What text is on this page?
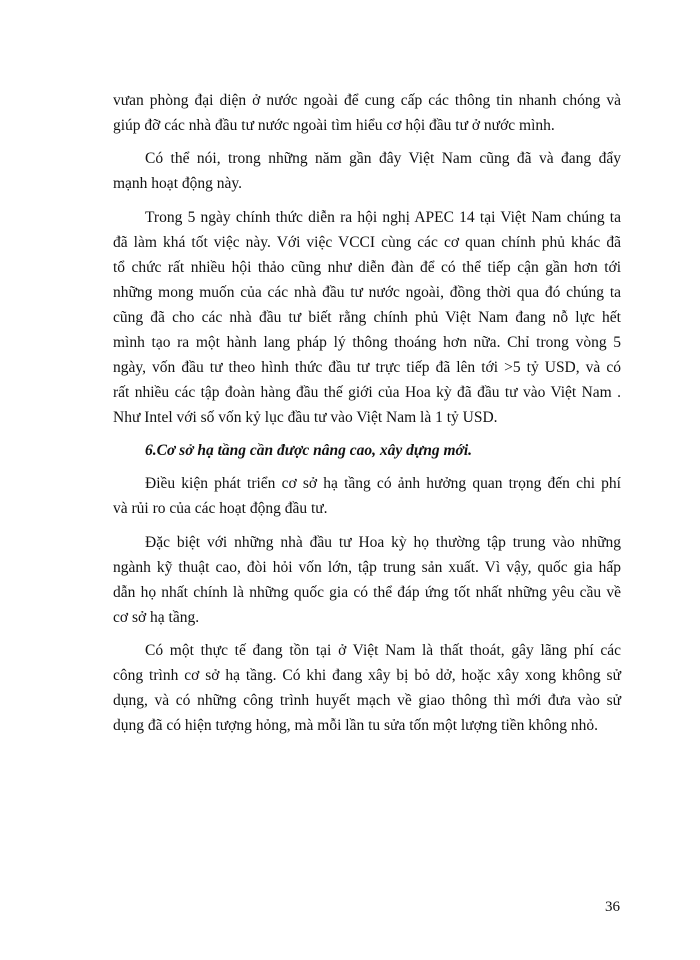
vưan phòng đại diện ở nước ngoài để cung cấp các thông tin nhanh chóng và
giúp đỡ các nhà đầu tư nước ngoài tìm hiểu cơ hội đầu tư ở nước mình.
Có thể nói, trong những năm gần đây Việt Nam cũng đã và đang đẩy
mạnh hoạt động này.
Trong 5 ngày chính thức diễn ra hội nghị APEC 14 tại Việt Nam chúng ta
đã làm khá tốt việc này. Với việc VCCI cùng các cơ quan chính phủ khác đã
tổ chức rất nhiều hội thảo cũng như diễn đàn để có thể tiếp cận gần hơn tới
những mong muốn của các nhà đầu tư nước ngoài, đồng thời qua đó chúng ta
cũng đã cho các nhà đầu tư biết rằng chính phủ Việt Nam đang nỗ lực hết
mình tạo ra một hành lang pháp lý thông thoáng hơn nữa. Chỉ trong vòng 5
ngày, vốn đầu tư theo hình thức đầu tư trực tiếp đã lên tới >5 tỷ USD, và có
rất nhiều các tập đoàn hàng đầu thế giới của Hoa kỳ đã đầu tư vào Việt Nam .
Như Intel với số vốn kỷ lục đầu tư vào Việt Nam là 1 tỷ USD.
6.Cơ sở hạ tầng cần được nâng cao, xây dựng mới.
Điều kiện phát triển cơ sở hạ tầng có ảnh hưởng quan trọng đến chi phí
và rủi ro của các hoạt động đầu tư.
Đặc biệt với những nhà đầu tư Hoa kỳ họ thường tập trung vào những
ngành kỹ thuật cao, đòi hỏi vốn lớn, tập trung sản xuất. Vì vậy, quốc gia hấp
dẫn họ nhất chính là những quốc gia có thể đáp ứng tốt nhất những yêu cầu về
cơ sở hạ tầng.
Có một thực tế đang tồn tại ở Việt Nam là thất thoát, gây lãng phí các
công trình cơ sở hạ tầng. Có khi đang xây bị bỏ dở, hoặc xây xong không sử
dụng, và có những công trình huyết mạch về giao thông thì mới đưa vào sử
dụng đã có hiện tượng hỏng, mà mỗi lần tu sửa tốn một lượng tiền không nhỏ.
36
